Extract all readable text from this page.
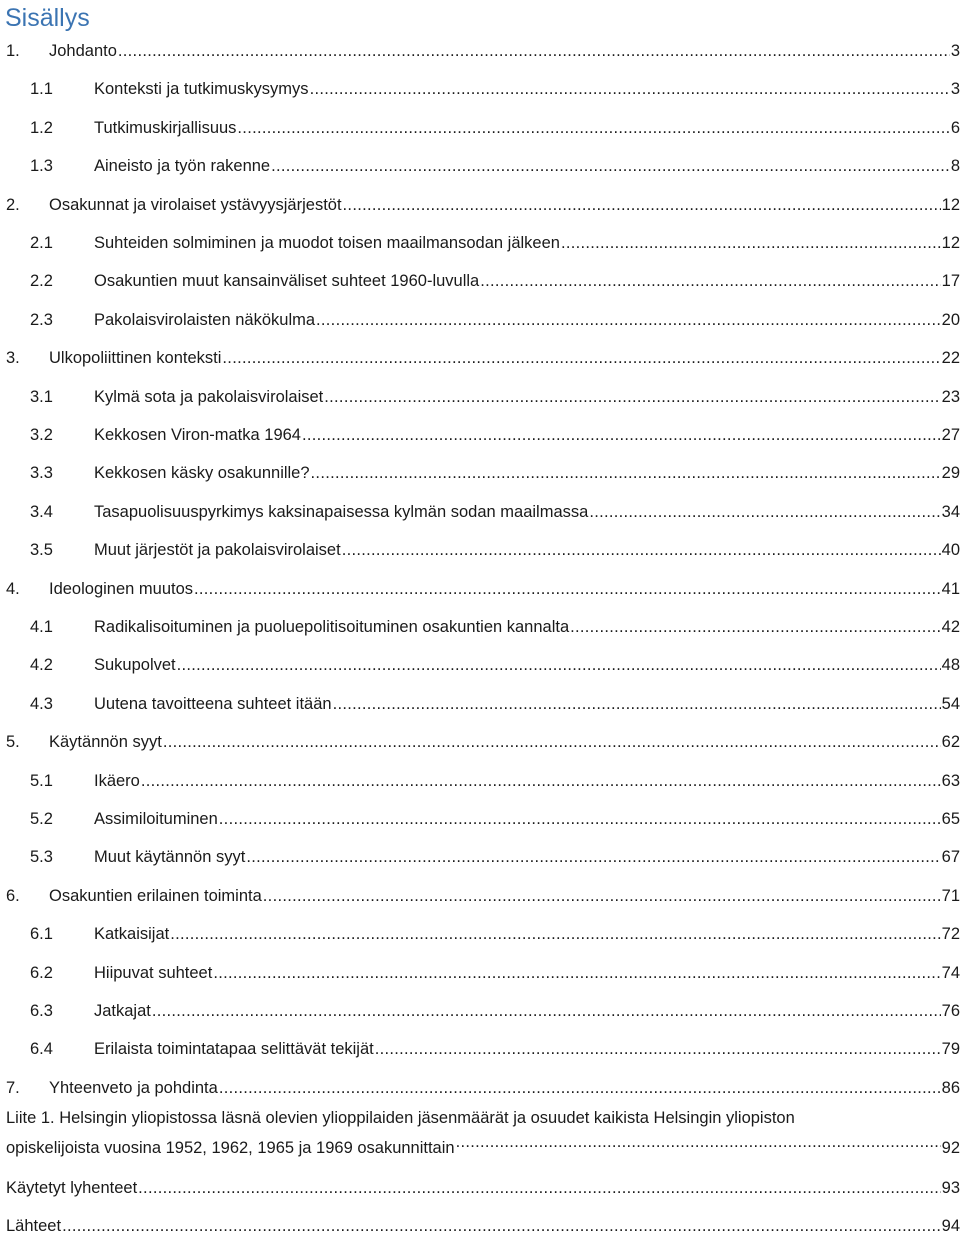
Sisällys
1.	Johdanto .....	3
1.1	Konteksti ja tutkimuskysymys .....	3
1.2	Tutkimuskirjallisuus .....	6
1.3	Aineisto ja työn rakenne .....	8
2.	Osakunnat ja virolaiset ystävyysjärjestöt .....	12
2.1	Suhteiden solmiminen ja muodot toisen maailmansodan jälkeen .....	12
2.2	Osakuntien muut kansainväliset suhteet 1960-luvulla .....	17
2.3	Pakolaisvirolaisten näkökulma .....	20
3.	Ulkopoliittinen konteksti .....	22
3.1	Kylmä sota ja pakolaisvirolaiset .....	23
3.2	Kekkosen Viron-matka 1964 .....	27
3.3	Kekkosen käsky osakunnille? .....	29
3.4	Tasapuolisuuspyrkimys kaksinapaisessa kylmän sodan maailmassa .....	34
3.5	Muut järjestöt ja pakolaisvirolaiset .....	40
4.	Ideologinen muutos .....	41
4.1	Radikalisoituminen ja puoluepolitisoituminen osakuntien kannalta .....	42
4.2	Sukupolvet .....	48
4.3	Uutena tavoitteena suhteet itään .....	54
5.	Käytännön syyt .....	62
5.1	Ikäero .....	63
5.2	Assimiloituminen .....	65
5.3	Muut käytännön syyt .....	67
6.	Osakuntien erilainen toiminta .....	71
6.1	Katkaisijat .....	72
6.2	Hiipuvat suhteet .....	74
6.3	Jatkajat .....	76
6.4	Erilaista toimintatapaa selittävät tekijät .....	79
7.	Yhteenveto ja pohdinta .....	86
Liite 1. Helsingin yliopistossa läsnä olevien ylioppilaiden jäsenmäärät ja osuudet kaikista Helsingin yliopiston
opiskelijoista vuosina 1952, 1962, 1965 ja 1969 osakunnittain .....	92
Käytetyt lyhenteet .....	93
Lähteet .....	94
